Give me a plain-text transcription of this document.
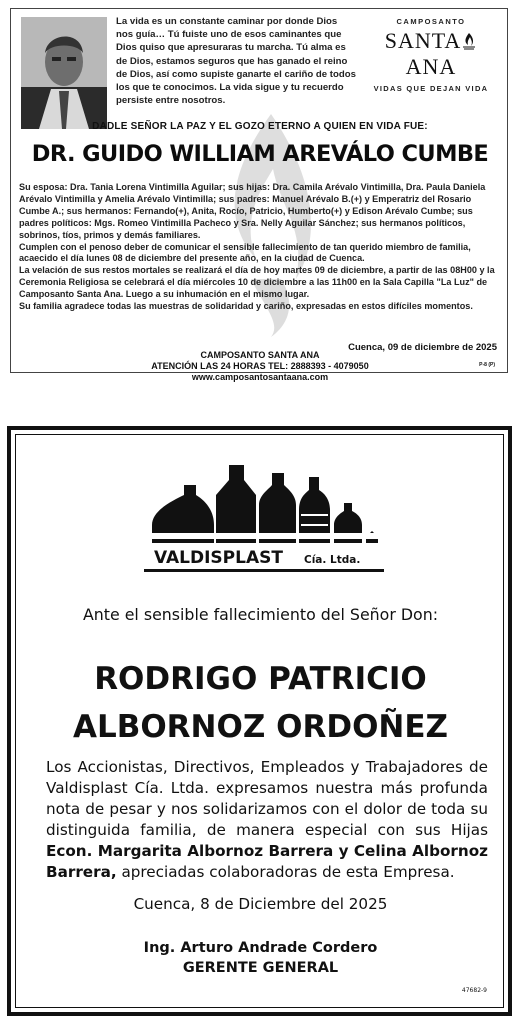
La vida es un constante caminar por donde Dios nos guía… Tú fuiste uno de esos caminantes que Dios quiso que apresuraras tu marcha. Tú alma es de Dios, estamos seguros que has ganado el reino de Dios, así como supiste ganarte el cariño de todos los que te conocimos. La vida sigue y tu recuerdo persiste entre nosotros.
CAMPOSANTO
SANTAANA
VIDAS QUE DEJAN VIDA
DADLE SEÑOR LA PAZ Y EL GOZO ETERNO A QUIEN EN VIDA FUE:
DR. GUIDO WILLIAM AREVÁLO CUMBE

Su esposa: Dra. Tania Lorena Vintimilla Aguilar; sus hijas: Dra. Camila Arévalo Vintimilla, Dra. Paula Daniela Arévalo Vintimilla y Amelia Arévalo Vintimilla; sus padres: Manuel Arévalo B.(+) y Emperatriz del Rosario Cumbe A.; sus hermanos: Fernando(+), Anita, Rocío, Patricio, Humberto(+) y Edison Arévalo Cumbe; sus padres políticos: Mgs. Romeo Vintimilla Pacheco y Sra. Nelly Aguilar Sánchez; sus hermanos políticos, sobrinos, tíos, primos y demás familiares.

Cumplen con el penoso deber de comunicar el sensible fallecimiento de tan querido miembro de familia, acaecido el día lunes 08 de diciembre del presente año, en la ciudad de Cuenca.

La velación de sus restos mortales se realizará el día de hoy martes 09 de diciembre, a partir de las 08H00 y la Ceremonia Religiosa se celebrará el día miércoles 10 de diciembre a las 11h00 en la Sala Capilla "La Luz" de Camposanto Santa Ana. Luego a su inhumación en el mismo lugar.

Su familia agradece todas las muestras de solidaridad y cariño, expresadas en estos difíciles momentos.

Cuenca, 09 de diciembre de 2025
CAMPOSANTO SANTA ANA
ATENCIÓN LAS 24 HORAS TEL: 2888393 - 4079050
www.camposantosantaana.com
P-8 (P)
VALDISPLAST Cía. Ltda.
Ante el sensible fallecimiento del Señor Don:
RODRIGO PATRICIO
ALBORNOZ ORDOÑEZ
Los Accionistas, Directivos, Empleados y Trabajadores de Valdisplast Cía. Ltda. expresamos nuestra más profunda nota de pesar y nos solidarizamos con el dolor de toda su distinguida familia, de manera especial con sus Hijas Econ. Margarita Albornoz Barrera y Celina Albornoz Barrera, apreciadas colaboradoras de esta Empresa.
Cuenca, 8 de Diciembre del 2025
Ing. Arturo Andrade Cordero
GERENTE GENERAL
47682-9
